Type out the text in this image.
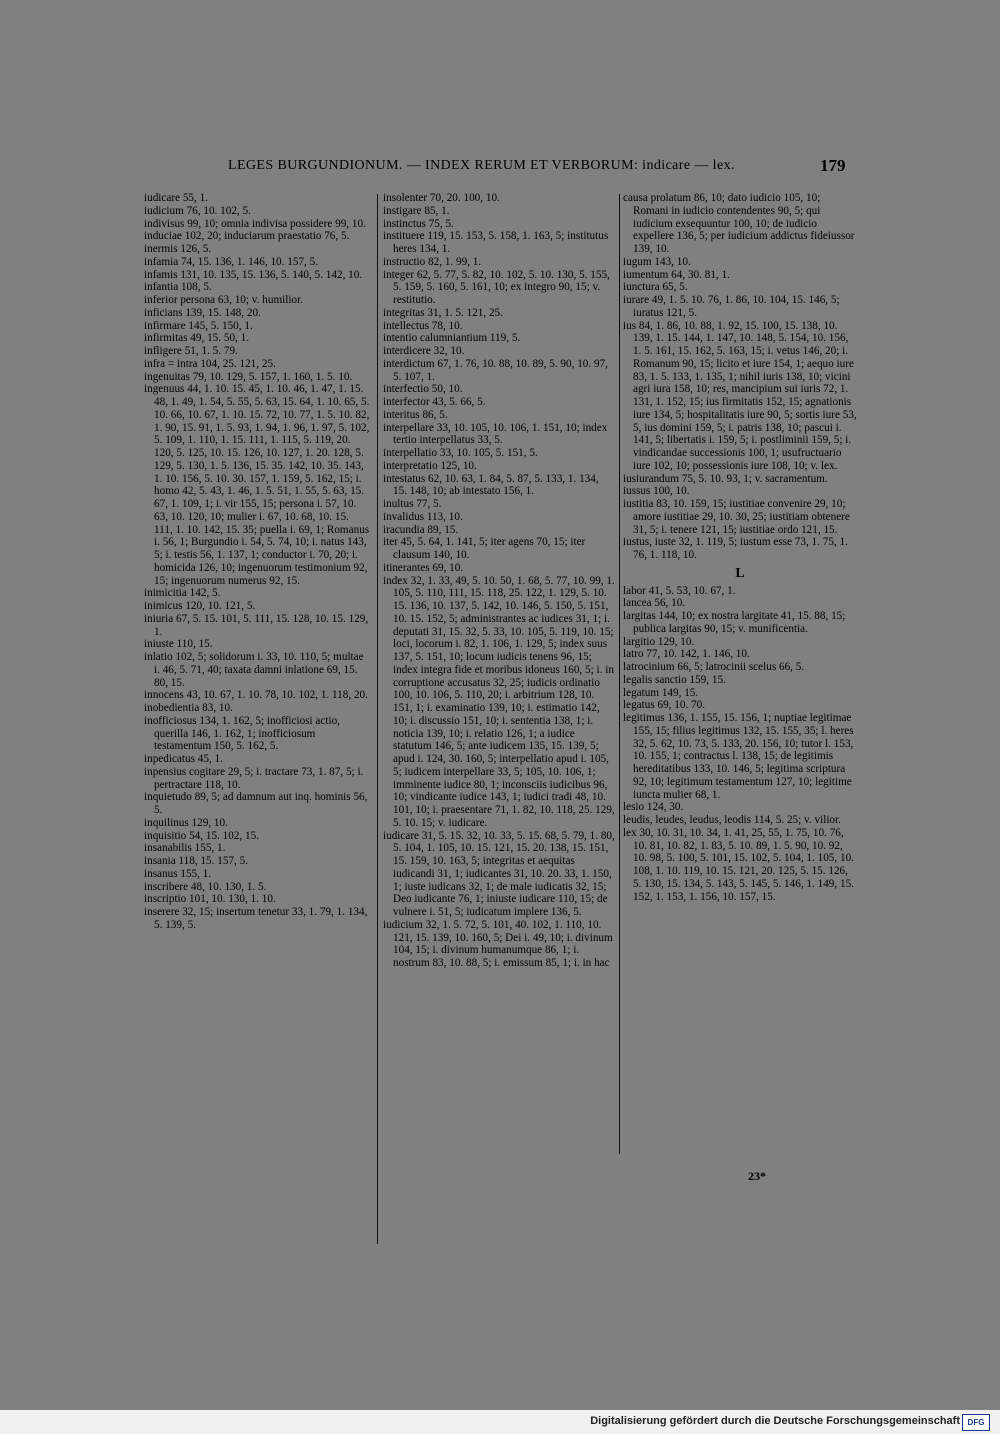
LEGES BURGUNDIONUM. — INDEX RERUM ET VERBORUM: indicare — lex.	179

iudicare 55, 1.

iudicium 76, 10. 102, 5.

indivisus 99, 10; omnia indivisa possidere 99, 10.

induciae 102, 20; induciarum praestatio 76, 5.

inermis 126, 5.

infamia 74, 15. 136, 1. 146, 10. 157, 5.

infamis 131, 10. 135, 15. 136, 5. 140, 5. 142, 10.

infantia 108, 5.

inferior persona 63, 10; v. humilior.

inficians 139, 15. 148, 20.

infirmare 145, 5. 150, 1.

infirmitas 49, 15. 50, 1.

infligere 51, 1. 5. 79.

infra = intra 104, 25. 121, 25.

ingenuitas 79, 10. 129, 5. 157, 1. 160, 1. 5. 10.

ingenuus 44, 1. 10. 15. 45, 1. 10. 46, 1. 47, 1. 15. 48, 1. 49, 1. 54, 5. 55, 5. 63, 15. 64, 1. 10. 65, 5. 10. 66, 10. 67, 1. 10. 15. 72, 10. 77, 1. 5. 10. 82, 1. 90, 15. 91, 1. 5. 93, 1. 94, 1. 96, 1. 97, 5. 102, 5. 109, 1. 110, 1. 15. 111, 1. 115, 5. 119, 20. 120, 5. 125, 10. 15. 126, 10. 127, 1. 20. 128, 5. 129, 5. 130, 1. 5. 136, 15. 35. 142, 10. 35. 143, 1. 10. 156, 5. 10. 30. 157, 1. 159, 5. 162, 15; i. homo 42, 5. 43, 1. 46, 1. 5. 51, 1. 55, 5. 63, 15. 67, 1. 109, 1; i. vir 155, 15; persona i. 57, 10. 63, 10. 120, 10; mulier i. 67, 10. 68, 10. 15. 111, 1. 10. 142, 15. 35; puella i. 69, 1; Romanus i. 56, 1; Burgundio i. 54, 5. 74, 10; i. natus 143, 5; i. testis 56, 1. 137, 1; conductor i. 70, 20; i. homicida 126, 10; ingenuorum testimonium 92, 15; ingenuorum numerus 92, 15.

inimicitia 142, 5.

inimicus 120, 10. 121, 5.

iniuria 67, 5. 15. 101, 5. 111, 15. 128, 10. 15. 129, 1.

iniuste 110, 15.

inlatio 102, 5; solidorum i. 33, 10. 110, 5; multae i. 46, 5. 71, 40; taxata damni inlatione 69, 15. 80, 15.

innocens 43, 10. 67, 1. 10. 78, 10. 102, 1. 118, 20.

inobedientia 83, 10.

inofficiosus 134, 1. 162, 5; inofficiosi actio, querilla 146, 1. 162, 1; inofficiosum testamentum 150, 5. 162, 5.

inpedicatus 45, 1.

inpensius cogitare 29, 5; i. tractare 73, 1. 87, 5; i. pertractare 118, 10.

inquietudo 89, 5; ad damnum aut inq. hominis 56, 5.

inquilinus 129, 10.

inquisitio 54, 15. 102, 15.

insanabilis 155, 1.

insania 118, 15. 157, 5.

insanus 155, 1.

inscribere 48, 10. 130, 1. 5.

inscriptio 101, 10. 130, 1. 10.

inserere 32, 15; insertum tenetur 33, 1. 79, 1. 134, 5. 139, 5.

insolenter 70, 20. 100, 10.

instigare 85, 1.

instinctus 75, 5.

instituere 119, 15. 153, 5. 158, 1. 163, 5; institutus heres 134, 1.

instructio 82, 1. 99, 1.

integer 62, 5. 77, 5. 82, 10. 102, 5. 10. 130, 5. 155, 5. 159, 5. 160, 5. 161, 10; ex integro 90, 15; v. restitutio.

integritas 31, 1. 5. 121, 25.

intellectus 78, 10.

intentio calumniantium 119, 5.

interdicere 32, 10.

interdictum 67, 1. 76, 10. 88, 10. 89, 5. 90, 10. 97, 5. 107, 1.

interfectio 50, 10.

interfector 43, 5. 66, 5.

interitus 86, 5.

interpellare 33, 10. 105, 10. 106, 1. 151, 10; index tertio interpellatus 33, 5.

interpellatio 33, 10. 105, 5. 151, 5.

interpretatio 125, 10.

intestatus 62, 10. 63, 1. 84, 5. 87, 5. 133, 1. 134, 15. 148, 10; ab intestato 156, 1.

inultus 77, 5.

invalidus 113, 10.

iracundia 89, 15.

iter 45, 5. 64, 1. 141, 5; iter agens 70, 15; iter clausum 140, 10.

itinerantes 69, 10.

index 32, 1. 33, 49, 5. 10. 50, 1. 68, 5. 77, 10. 99, 1. 105, 5. 110, 111, 15. 118, 25. 122, 1. 129, 5. 10. 15. 136, 10. 137, 5. 142, 10. 146, 5. 150, 5. 151, 10. 15. 152, 5; administrantes ac iudices 31, 1; i. deputati 31, 15. 32, 5. 33, 10. 105, 5. 119, 10. 15; loci, locorum i. 82, 1. 106, 1. 129, 5; index suus 137, 5. 151, 10; locum iudicis tenens 96, 15; index integra fide et moribus idoneus 160, 5; i. in corruptione accusatus 32, 25; iudicis ordinatio 100, 10. 106, 5. 110, 20; i. arbitrium 128, 10. 151, 1; i. examinatio 139, 10; i. estimatio 142, 10; i. discussio 151, 10; i. sententia 138, 1; i. noticia 139, 10; i. relatio 126, 1; a iudice statutum 146, 5; ante iudicem 135, 15. 139, 5; apud i. 124, 30. 160, 5; interpellatio apud i. 105, 5; iudicem interpellare 33, 5; 105, 10. 106, 1; imminente iudice 80, 1; inconsciis iudicibus 96, 10; vindicante iudice 143, 1; iudici tradi 48, 10. 101, 10; i. praesentare 71, 1. 82, 10. 118, 25. 129, 5. 10. 15; v. iudicare.

iudicare 31, 5. 15. 32, 10. 33, 5. 15. 68, 5. 79, 1. 80, 5. 104, 1. 105, 10. 15. 121, 15. 20. 138, 15. 151, 15. 159, 10. 163, 5; integritas et aequitas iudicandi 31, 1; iudicantes 31, 10. 20. 33, 1. 150, 1; iuste iudicans 32, 1; de male iudicatis 32, 15; Deo iudicante 76, 1; iniuste iudicare 110, 15; de vulnere i. 51, 5; iudicatum implere 136, 5.

iudicium 32, 1. 5. 72, 5. 101, 40. 102, 1. 110, 10. 121, 15. 139, 10. 160, 5; Dei i. 49, 10; i. divinum 104, 15; i. divinum humanumque 86, 1; i. nostrum 83, 10. 88, 5; i. emissum 85, 1; i. in hac

causa prolatum 86, 10; dato iudicio 105, 10; Romani in iudicio contendentes 90, 5; qui iudicium exsequuntur 100, 10; de iudicio expellere 136, 5; per iudicium addictus fideiussor 139, 10.

iugum 143, 10.

iumentum 64, 30. 81, 1.

iunctura 65, 5.

iurare 49, 1. 5. 10. 76, 1. 86, 10. 104, 15. 146, 5; iuratus 121, 5.

ius 84, 1. 86, 10. 88, 1. 92, 15. 100, 15. 138, 10. 139, 1. 15. 144, 1. 147, 10. 148, 5. 154, 10. 156, 1. 5. 161, 15. 162, 5. 163, 15; i. vetus 146, 20; i. Romanum 90, 15; licito et iure 154, 1; aequo iure 83, 1. 5. 133, 1. 135, 1; nihil iuris 138, 10; vicini agri iura 158, 10; res, mancipium sui iuris 72, 1. 131, 1. 152, 15; ius firmitatis 152, 15; agnationis iure 134, 5; hospitalitatis iure 90, 5; sortis iure 53, 5, ius domini 159, 5; i. patris 138, 10; pascui i. 141, 5; libertatis i. 159, 5; i. postliminii 159, 5; i. vindicandae successionis 100, 1; usufructuario iure 102, 10; possessionis iure 108, 10; v. lex.

iusiurandum 75, 5. 10. 93, 1; v. sacramentum.

iussus 100, 10.

iustitia 83, 10. 159, 15; iustitiae convenire 29, 10; amore iustitiae 29, 10. 30, 25; iustitiam obtenere 31, 5; i. tenere 121, 15; iustitiae ordo 121, 15.

iustus, iuste 32, 1. 119, 5; iustum esse 73, 1. 75, 1. 76, 1. 118, 10.

L

labor 41, 5. 53, 10. 67, 1.

lancea 56, 10.

largitas 144, 10; ex nostra largitate 41, 15. 88, 15; publica largitas 90, 15; v. munificentia.

largitio 129, 10.

latro 77, 10. 142, 1. 146, 10.

latrocinium 66, 5; latrocinii scelus 66, 5.

legalis sanctio 159, 15.

legatum 149, 15.

legatus 69, 10. 70.

legitimus 136, 1. 155, 15. 156, 1; nuptiae legitimae 155, 15; filius legitimus 132, 15. 155, 35; l. heres 32, 5. 62, 10. 73, 5. 133, 20. 156, 10; tutor l. 153, 10. 155, 1; contractus l. 138, 15; de legitimis hereditatibus 133, 10. 146, 5; legitima scriptura 92, 10; legitimum testamentum 127, 10; legitime iuncta mulier 68, 1.

lesio 124, 30.

leudis, leudes, leudus, leodis 114, 5. 25; v. vilior.

lex 30, 10. 31, 10. 34, 1. 41, 25, 55, 1. 75, 10. 76, 10. 81, 10. 82, 1. 83, 5. 10. 89, 1. 5. 90, 10. 92, 10. 98, 5. 100, 5. 101, 15. 102, 5. 104, 1. 105, 10. 108, 1. 10. 119, 10. 15. 121, 20. 125, 5. 15. 126, 5. 130, 15. 134, 5. 143, 5. 145, 5. 146, 1. 149, 15. 152, 1. 153, 1. 156, 10. 157, 15.

23*
Digitalisierung gefördert durch die Deutsche Forschungsgemeinschaft DFG
